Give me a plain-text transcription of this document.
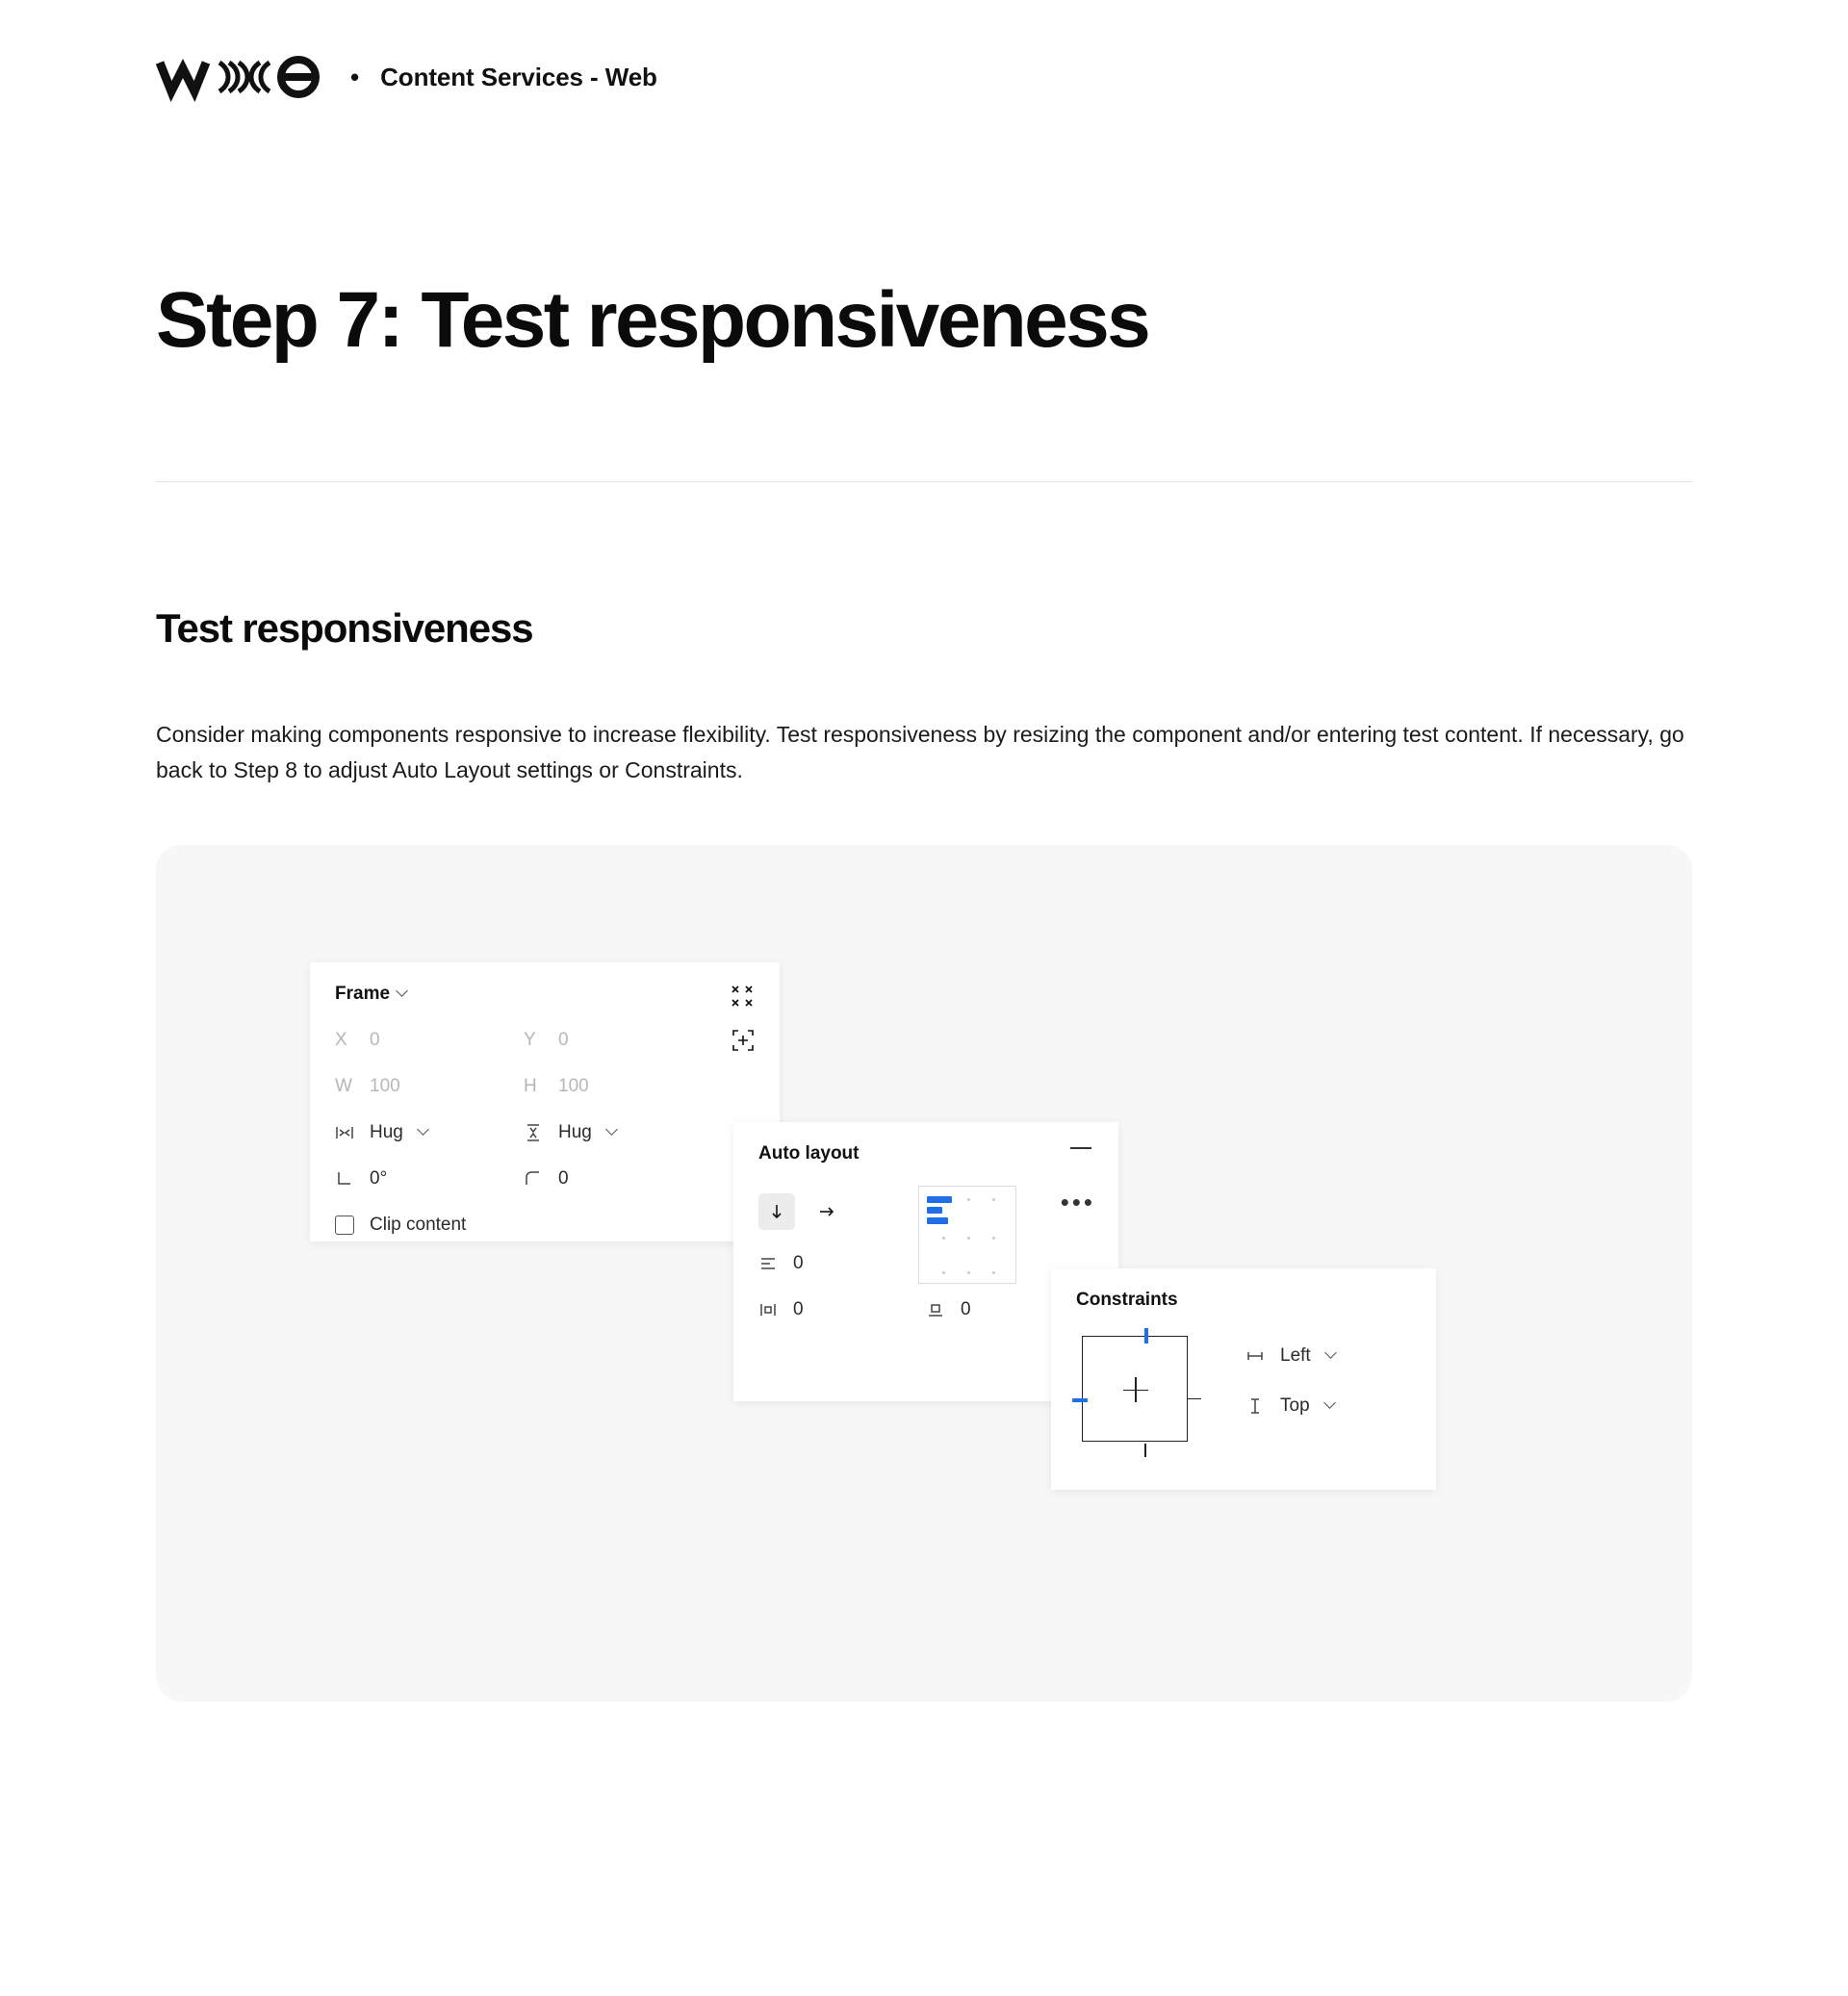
• Content Services - Web
Step 7: Test responsiveness
Test responsiveness

Consider making components responsive to increase flexibility. Test responsiveness by resizing the component and/or entering test content. If necessary, go back to Step 8 to adjust Auto Layout settings or Constraints.

Frame
X	0	Y	0
W 100	H	100
Hug	Hug
0°	0
Clip content
Auto layout
•••
0
0	0	Constraints
Left
Top
